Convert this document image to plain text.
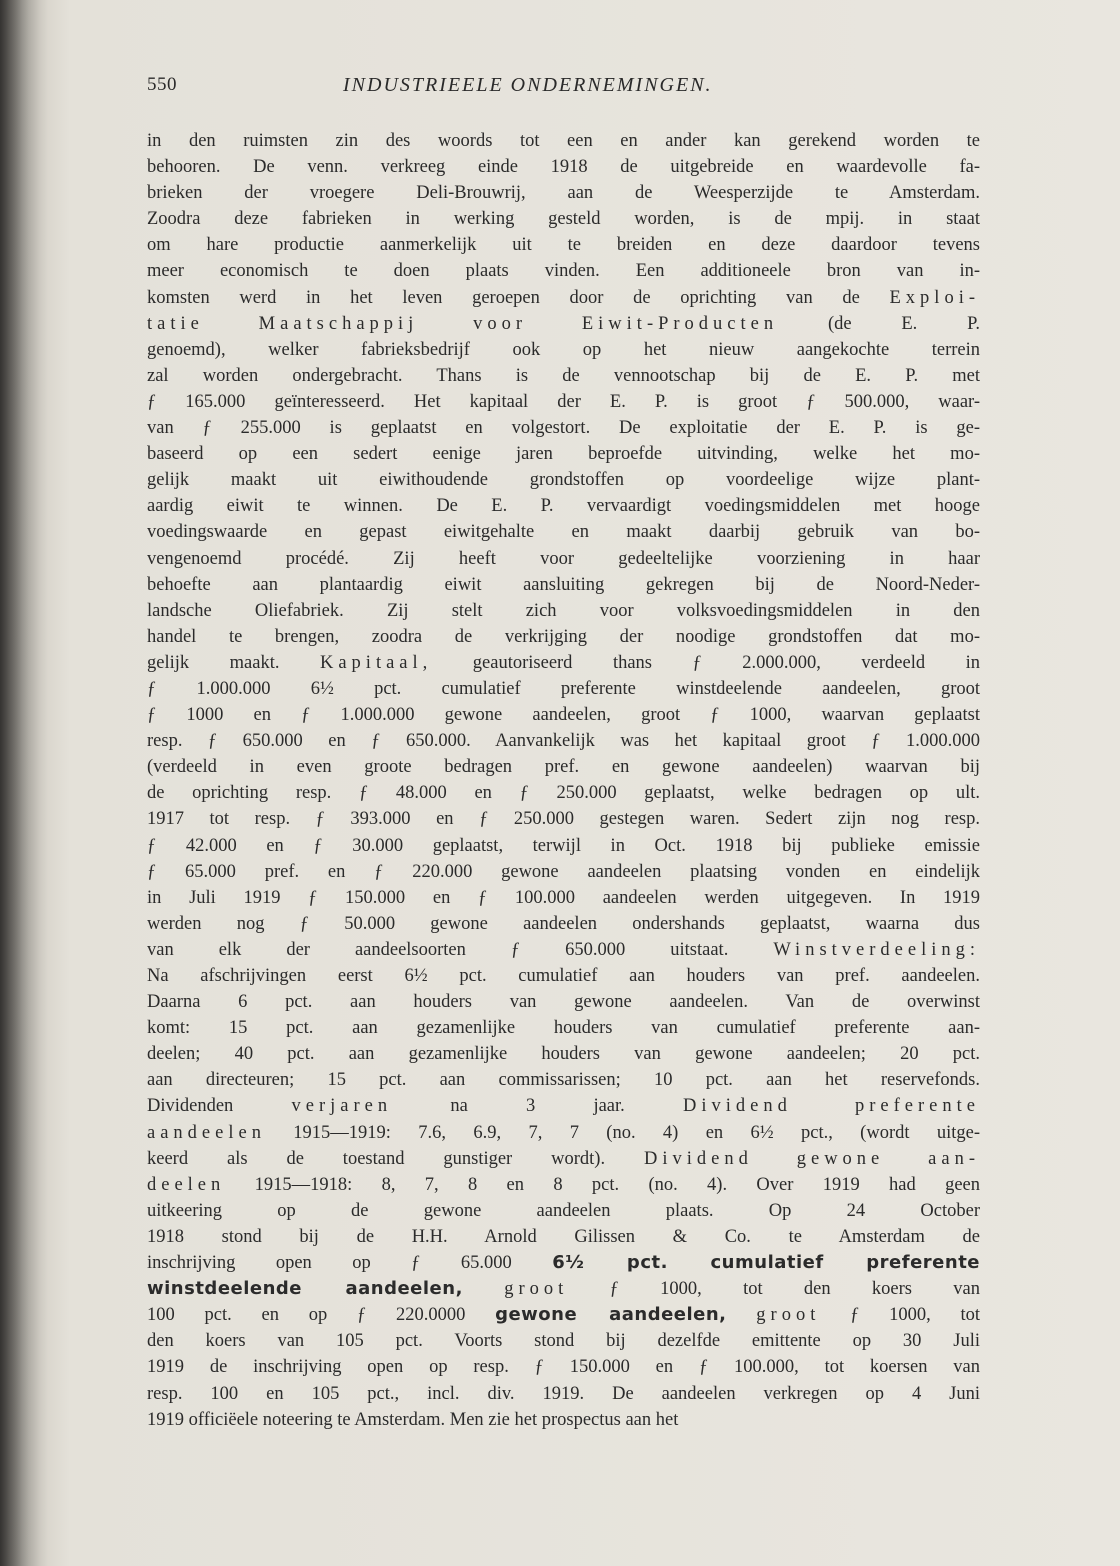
550	INDUSTRIEELE ONDERNEMINGEN.
in den ruimsten zin des woords tot een en ander kan gerekend worden te
behooren. De venn. verkreeg einde 1918 de uitgebreide en waardevolle fa-
brieken der vroegere Deli-Brouwrij, aan de Weesperzijde te Amsterdam.
Zoodra deze fabrieken in werking gesteld worden, is de mpij. in staat
om hare productie aanmerkelijk uit te breiden en deze daardoor tevens
meer economisch te doen plaats vinden. Een additioneele bron van in-
komsten werd in het leven geroepen door de oprichting van de Exploi-
tatie Maatschappij voor Eiwit-Producten (de E. P.
genoemd), welker fabrieksbedrijf ook op het nieuw aangekochte terrein
zal worden ondergebracht. Thans is de vennootschap bij de E. P. met
ƒ 165.000 geïnteresseerd. Het kapitaal der E. P. is groot ƒ 500.000, waar-
van ƒ 255.000 is geplaatst en volgestort. De exploitatie der E. P. is ge-
baseerd op een sedert eenige jaren beproefde uitvinding, welke het mo-
gelijk maakt uit eiwithoudende grondstoffen op voordeelige wijze plant-
aardig eiwit te winnen. De E. P. vervaardigt voedingsmiddelen met hooge
voedingswaarde en gepast eiwitgehalte en maakt daarbij gebruik van bo-
vengenoemd procédé. Zij heeft voor gedeeltelijke voorziening in haar
behoefte aan plantaardig eiwit aansluiting gekregen bij de Noord-Neder-
landsche Oliefabriek. Zij stelt zich voor volksvoedingsmiddelen in den
handel te brengen, zoodra de verkrijging der noodige grondstoffen dat mo-
gelijk maakt. Kapitaal, geautoriseerd thans ƒ 2.000.000, verdeeld in
ƒ 1.000.000 6½ pct. cumulatief preferente winstdeelende aandeelen, groot
ƒ 1000 en ƒ 1.000.000 gewone aandeelen, groot ƒ 1000, waarvan geplaatst
resp. ƒ 650.000 en ƒ 650.000. Aanvankelijk was het kapitaal groot ƒ 1.000.000
(verdeeld in even groote bedragen pref. en gewone aandeelen) waarvan bij
de oprichting resp. ƒ 48.000 en ƒ 250.000 geplaatst, welke bedragen op ult.
1917 tot resp. ƒ 393.000 en ƒ 250.000 gestegen waren. Sedert zijn nog resp.
ƒ 42.000 en ƒ 30.000 geplaatst, terwijl in Oct. 1918 bij publieke emissie
ƒ 65.000 pref. en ƒ 220.000 gewone aandeelen plaatsing vonden en eindelijk
in Juli 1919 ƒ 150.000 en ƒ 100.000 aandeelen werden uitgegeven. In 1919
werden nog ƒ 50.000 gewone aandeelen ondershands geplaatst, waarna dus
van elk der aandeelsoorten ƒ 650.000 uitstaat. Winstverdeeling:
Na afschrijvingen eerst 6½ pct. cumulatief aan houders van pref. aandeelen.
Daarna 6 pct. aan houders van gewone aandeelen. Van de overwinst
komt: 15 pct. aan gezamenlijke houders van cumulatief preferente aan-
deelen; 40 pct. aan gezamenlijke houders van gewone aandeelen; 20 pct.
aan directeuren; 15 pct. aan commissarissen; 10 pct. aan het reservefonds.
Dividenden verjaren na 3 jaar. Dividend preferente
aandeelen 1915—1919: 7.6, 6.9, 7, 7 (no. 4) en 6½ pct., (wordt uitge-
keerd als de toestand gunstiger wordt). Dividend gewone aan-
deelen 1915—1918: 8, 7, 8 en 8 pct. (no. 4). Over 1919 had geen
uitkeering op de gewone aandeelen plaats. Op 24 October
1918 stond bij de H.H. Arnold Gilissen & Co. te Amsterdam de
inschrijving open op ƒ 65.000 6½ pct. cumulatief preferente
winstdeelende aandeelen, groot ƒ 1000, tot den koers van
100 pct. en op ƒ 220.0000 gewone aandeelen, groot ƒ 1000, tot
den koers van 105 pct. Voorts stond bij dezelfde emittente op 30 Juli
1919 de inschrijving open op resp. ƒ 150.000 en ƒ 100.000, tot koersen van
resp. 100 en 105 pct., incl. div. 1919. De aandeelen verkregen op 4 Juni
1919 officiëele noteering te Amsterdam. Men zie het prospectus aan het
